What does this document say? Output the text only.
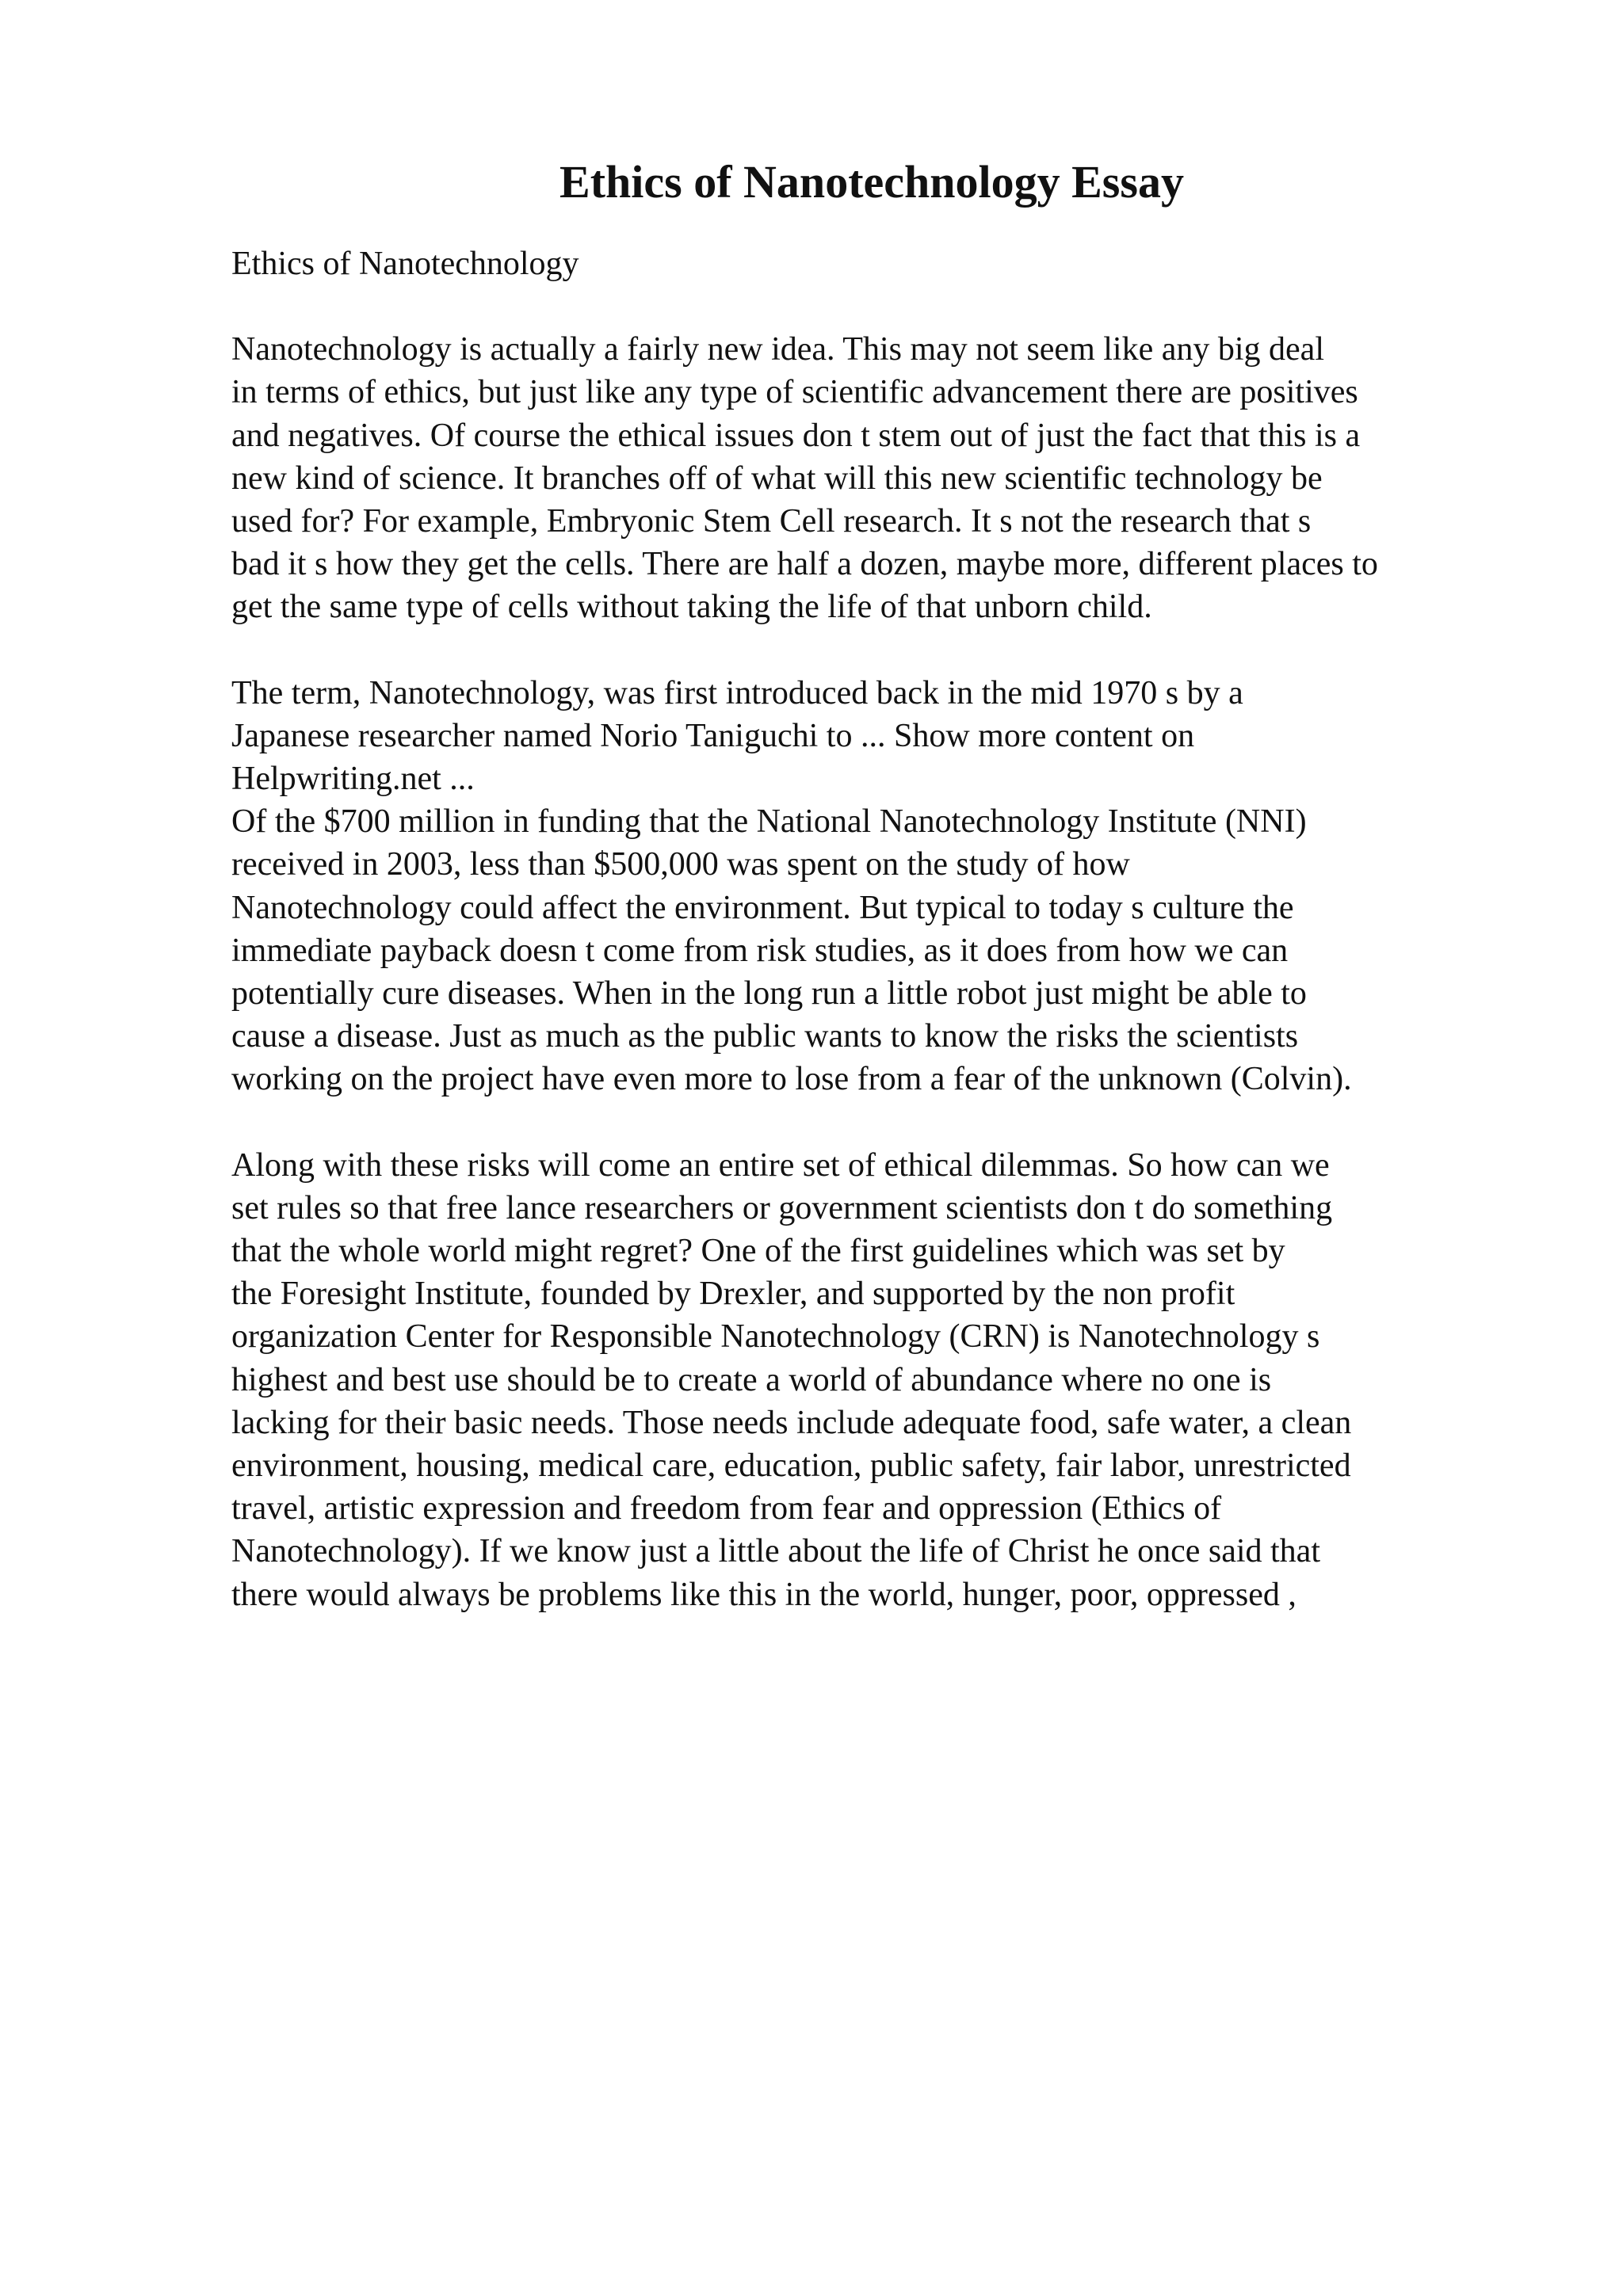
Ethics of Nanotechnology Essay
Ethics of Nanotechnology
Nanotechnology is actually a fairly new idea. This may not seem like any big deal
in terms of ethics, but just like any type of scientific advancement there are positives
and negatives. Of course the ethical issues don t stem out of just the fact that this is a
new kind of science. It branches off of what will this new scientific technology be
used for? For example, Embryonic Stem Cell research. It s not the research that s
bad it s how they get the cells. There are half a dozen, maybe more, different places to
get the same type of cells without taking the life of that unborn child.
The term, Nanotechnology, was first introduced back in the mid 1970 s by a
Japanese researcher named Norio Taniguchi to ... Show more content on
Helpwriting.net ...
Of the $700 million in funding that the National Nanotechnology Institute (NNI)
received in 2003, less than $500,000 was spent on the study of how
Nanotechnology could affect the environment. But typical to today s culture the
immediate payback doesn t come from risk studies, as it does from how we can
potentially cure diseases. When in the long run a little robot just might be able to
cause a disease. Just as much as the public wants to know the risks the scientists
working on the project have even more to lose from a fear of the unknown (Colvin).
Along with these risks will come an entire set of ethical dilemmas. So how can we
set rules so that free lance researchers or government scientists don t do something
that the whole world might regret? One of the first guidelines which was set by
the Foresight Institute, founded by Drexler, and supported by the non profit
organization Center for Responsible Nanotechnology (CRN) is Nanotechnology s
highest and best use should be to create a world of abundance where no one is
lacking for their basic needs. Those needs include adequate food, safe water, a clean
environment, housing, medical care, education, public safety, fair labor, unrestricted
travel, artistic expression and freedom from fear and oppression (Ethics of
Nanotechnology). If we know just a little about the life of Christ he once said that
there would always be problems like this in the world, hunger, poor, oppressed ,
